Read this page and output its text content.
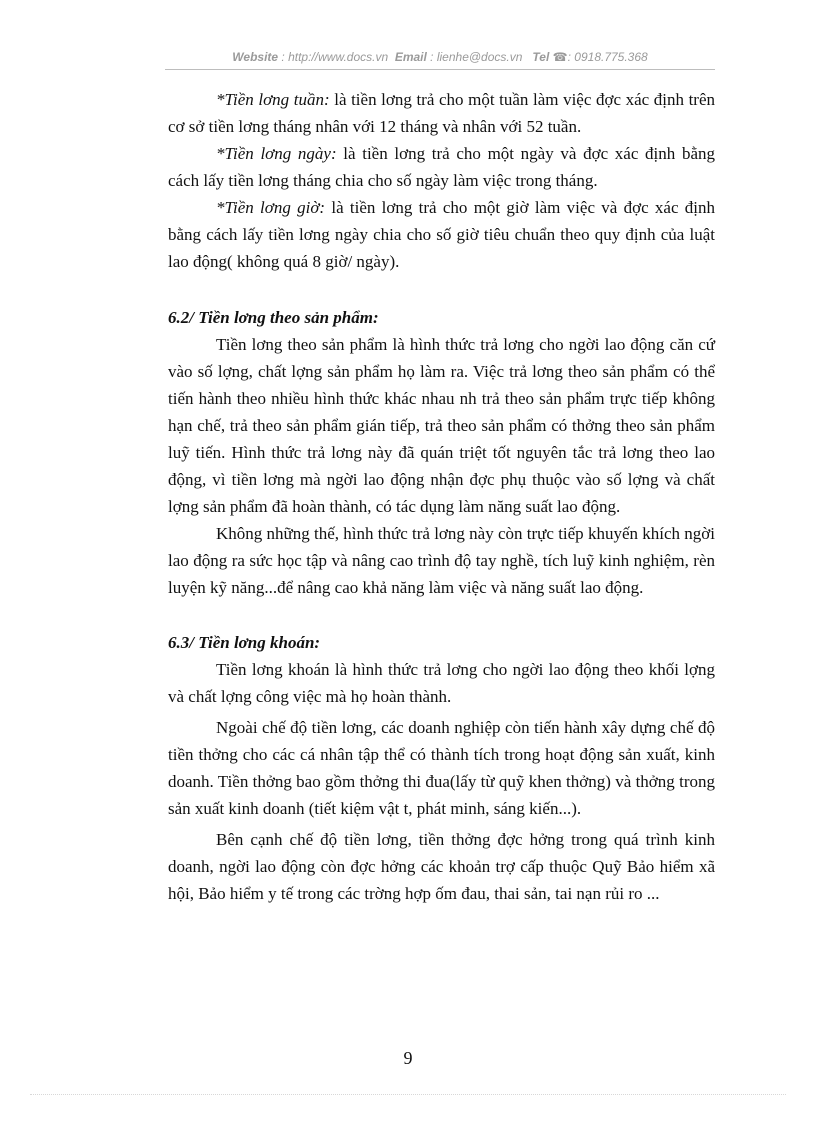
Website : http://www.docs.vn Email : lienhe@docs.vn Tel ☎: 0918.775.368

*Tiền lơng tuần: là tiền lơng trả cho một tuần làm việc đợc xác định trên cơ sở tiền lơng tháng nhân với 12 tháng và nhân với 52 tuần.

*Tiền lơng ngày: là tiền lơng trả cho một ngày và đợc xác định bằng cách lấy tiền lơng tháng chia cho số ngày làm việc trong tháng.

*Tiền lơng giờ: là tiền lơng trả cho một giờ làm việc và đợc xác định bằng cách lấy tiền lơng ngày chia cho số giờ tiêu chuẩn theo quy định của luật lao động( không quá 8 giờ/ ngày).

6.2/ Tiền lơng theo sản phẩm:

Tiền lơng theo sản phẩm là hình thức trả lơng cho ngời lao động căn cứ vào số lợng, chất lợng sản phẩm họ làm ra. Việc trả lơng theo sản phẩm có thể tiến hành theo nhiều hình thức khác nhau nh trả theo sản phẩm trực tiếp không hạn chế, trả theo sản phẩm gián tiếp, trả theo sản phẩm có thởng theo sản phẩm luỹ tiến. Hình thức trả lơng này đã quán triệt tốt nguyên tắc trả lơng theo lao động, vì tiền lơng mà ngời lao động nhận đợc phụ thuộc vào số lợng và chất lợng sản phẩm đã hoàn thành, có tác dụng làm năng suất lao động.

Không những thế, hình thức trả lơng này còn trực tiếp khuyến khích ngời lao động ra sức học tập và nâng cao trình độ tay nghề, tích luỹ kinh nghiệm, rèn luyện kỹ năng...để nâng cao khả năng làm việc và năng suất lao động.

6.3/ Tiền lơng khoán:

Tiền lơng khoán là hình thức trả lơng cho ngời lao động theo khối lợng và chất lợng công việc mà họ hoàn thành.

Ngoài chế độ tiền lơng, các doanh nghiệp còn tiến hành xây dựng chế độ tiền thởng cho các cá nhân tập thể có thành tích trong hoạt động sản xuất, kinh doanh. Tiền thởng bao gồm thởng thi đua(lấy từ quỹ khen thởng) và thởng trong sản xuất kinh doanh (tiết kiệm vật t, phát minh, sáng kiến...).

Bên cạnh chế độ tiền lơng, tiền thởng đợc hởng trong quá trình kinh doanh, ngời lao động còn đợc hởng các khoản trợ cấp thuộc Quỹ Bảo hiểm xã hội, Bảo hiểm y tế trong các trờng hợp ốm đau, thai sản, tai nạn rủi ro ...

9
